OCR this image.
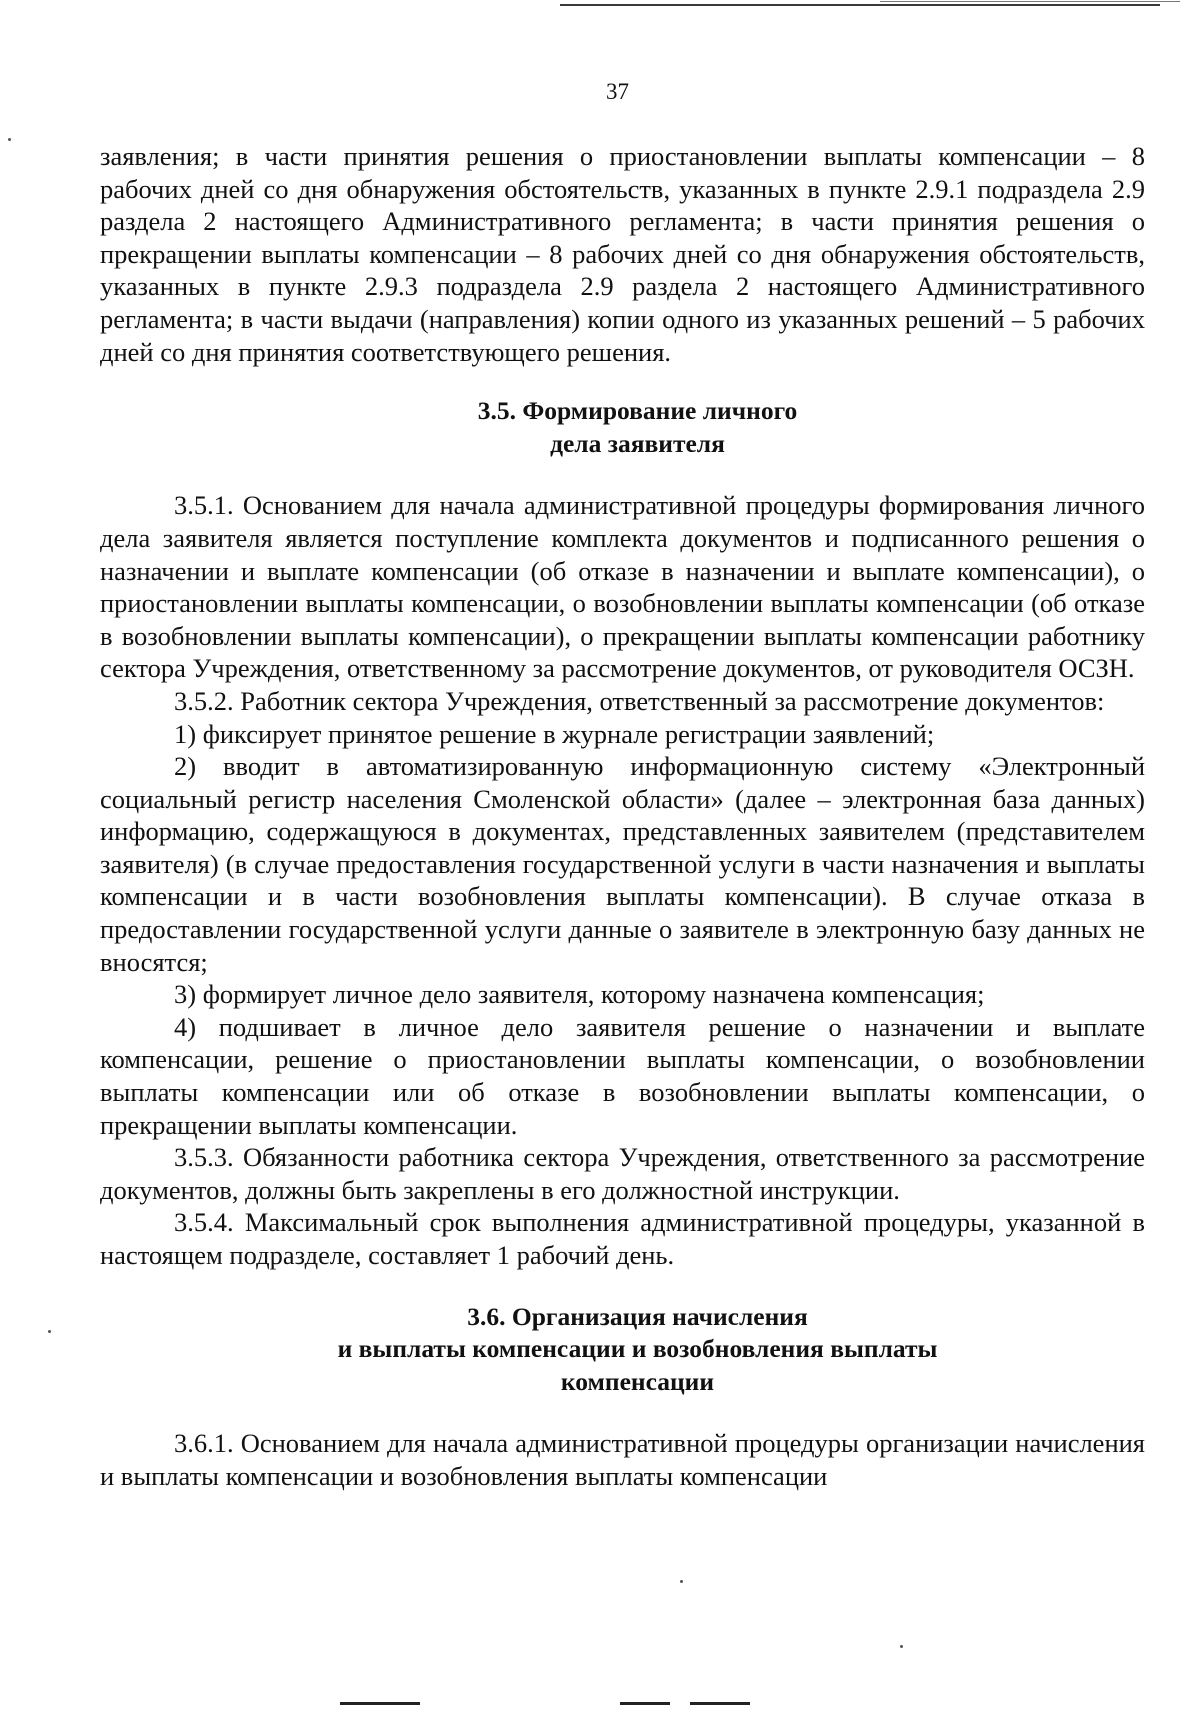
37

заявления; в части принятия решения о приостановлении выплаты компенсации – 8 рабочих дней со дня обнаружения обстоятельств, указанных в пункте 2.9.1 подраздела 2.9 раздела 2 настоящего Административного регламента; в части принятия решения о прекращении выплаты компенсации – 8 рабочих дней со дня обнаружения обстоятельств, указанных в пункте 2.9.3 подраздела 2.9 раздела 2 настоящего Административного регламента; в части выдачи (направления) копии одного из указанных решений – 5 рабочих дней со дня принятия соответствующего решения.

3.5. Формирование личного
дела заявителя

3.5.1. Основанием для начала административной процедуры формирования личного дела заявителя является поступление комплекта документов и подписанного решения о назначении и выплате компенсации (об отказе в назначении и выплате компенсации), о приостановлении выплаты компенсации, о возобновлении выплаты компенсации (об отказе в возобновлении выплаты компенсации), о прекращении выплаты компенсации работнику сектора Учреждения, ответственному за рассмотрение документов, от руководителя ОСЗН.

3.5.2. Работник сектора Учреждения, ответственный за рассмотрение документов:

1) фиксирует принятое решение в журнале регистрации заявлений;

2) вводит в автоматизированную информационную систему «Электронный социальный регистр населения Смоленской области» (далее – электронная база данных) информацию, содержащуюся в документах, представленных заявителем (представителем заявителя) (в случае предоставления государственной услуги в части назначения и выплаты компенсации и в части возобновления выплаты компенсации). В случае отказа в предоставлении государственной услуги данные о заявителе в электронную базу данных не вносятся;

3) формирует личное дело заявителя, которому назначена компенсация;

4) подшивает в личное дело заявителя решение о назначении и выплате компенсации, решение о приостановлении выплаты компенсации, о возобновлении выплаты компенсации или об отказе в возобновлении выплаты компенсации, о прекращении выплаты компенсации.

3.5.3. Обязанности работника сектора Учреждения, ответственного за рассмотрение документов, должны быть закреплены в его должностной инструкции.

3.5.4. Максимальный срок выполнения административной процедуры, указанной в настоящем подразделе, составляет 1 рабочий день.

3.6. Организация начисления
и выплаты компенсации и возобновления выплаты
компенсации

3.6.1. Основанием для начала административной процедуры организации начисления и выплаты компенсации и возобновления выплаты компенсации
